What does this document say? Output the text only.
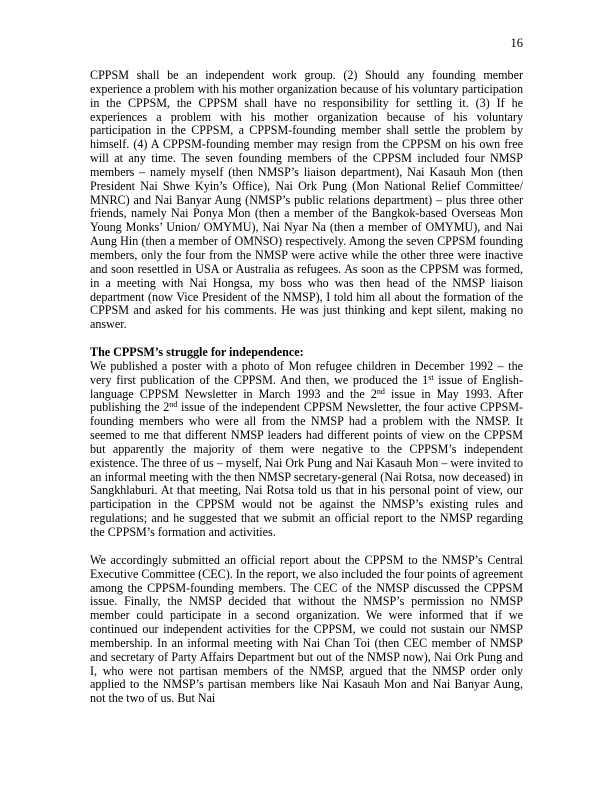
16

CPPSM shall be an independent work group. (2) Should any founding member experience a problem with his mother organization because of his voluntary participation in the CPPSM, the CPPSM shall have no responsibility for settling it. (3) If he experiences a problem with his mother organization because of his voluntary participation in the CPPSM, a CPPSM-founding member shall settle the problem by himself. (4) A CPPSM-founding member may resign from the CPPSM on his own free will at any time. The seven founding members of the CPPSM included four NMSP members – namely myself (then NMSP’s liaison department), Nai Kasauh Mon (then President Nai Shwe Kyin’s Office), Nai Ork Pung (Mon National Relief Committee/ MNRC) and Nai Banyar Aung (NMSP’s public relations department) – plus three other friends, namely Nai Ponya Mon (then a member of the Bangkok-based Overseas Mon Young Monks’ Union/ OMYMU), Nai Nyar Na (then a member of OMYMU), and Nai Aung Hin (then a member of OMNSO) respectively. Among the seven CPPSM founding members, only the four from the NMSP were active while the other three were inactive and soon resettled in USA or Australia as refugees. As soon as the CPPSM was formed, in a meeting with Nai Hongsa, my boss who was then head of the NMSP liaison department (now Vice President of the NMSP), I told him all about the formation of the CPPSM and asked for his comments. He was just thinking and kept silent, making no answer.

The CPPSM’s struggle for independence:

We published a poster with a photo of Mon refugee children in December 1992 – the very first publication of the CPPSM. And then, we produced the 1st issue of English-language CPPSM Newsletter in March 1993 and the 2nd issue in May 1993. After publishing the 2nd issue of the independent CPPSM Newsletter, the four active CPPSM-founding members who were all from the NMSP had a problem with the NMSP. It seemed to me that different NMSP leaders had different points of view on the CPPSM but apparently the majority of them were negative to the CPPSM’s independent existence. The three of us – myself, Nai Ork Pung and Nai Kasauh Mon – were invited to an informal meeting with the then NMSP secretary-general (Nai Rotsa, now deceased) in Sangkhlaburi. At that meeting, Nai Rotsa told us that in his personal point of view, our participation in the CPPSM would not be against the NMSP’s existing rules and regulations; and he suggested that we submit an official report to the NMSP regarding the CPPSM’s formation and activities.

We accordingly submitted an official report about the CPPSM to the NMSP’s Central Executive Committee (CEC). In the report, we also included the four points of agreement among the CPPSM-founding members. The CEC of the NMSP discussed the CPPSM issue. Finally, the NMSP decided that without the NMSP’s permission no NMSP member could participate in a second organization. We were informed that if we continued our independent activities for the CPPSM, we could not sustain our NMSP membership. In an informal meeting with Nai Chan Toi (then CEC member of NMSP and secretary of Party Affairs Department but out of the NMSP now), Nai Ork Pung and I, who were not partisan members of the NMSP, argued that the NMSP order only applied to the NMSP’s partisan members like Nai Kasauh Mon and Nai Banyar Aung, not the two of us. But Nai
